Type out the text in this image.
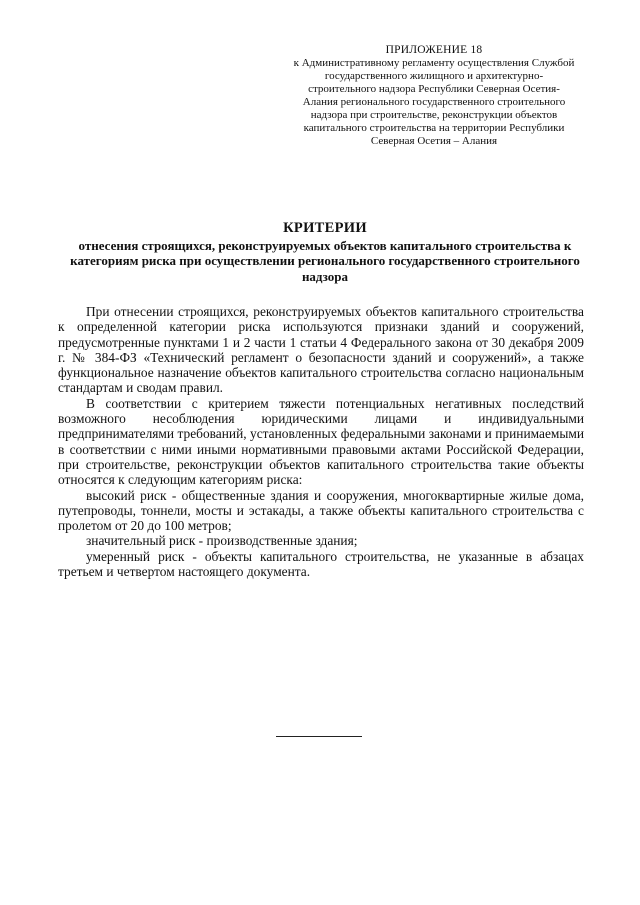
ПРИЛОЖЕНИЕ 18
к Административному регламенту осуществления Службой государственного жилищного и архитектурно-строительного надзора Республики Северная Осетия-Алания регионального государственного строительного надзора при строительстве, реконструкции объектов капитального строительства на территории Республики Северная Осетия – Алания
КРИТЕРИИ
отнесения строящихся, реконструируемых объектов капитального строительства к категориям риска при осуществлении регионального государственного строительного надзора

При отнесении строящихся, реконструируемых объектов капитального строительства к определенной категории риска используются признаки зданий и сооружений, предусмотренные пунктами 1 и 2 части 1 статьи 4 Федерального закона от 30 декабря 2009 г. № 384-ФЗ «Технический регламент о безопасности зданий и сооружений», а также функциональное назначение объектов капитального строительства согласно национальным стандартам и сводам правил.

В соответствии с критерием тяжести потенциальных негативных последствий возможного несоблюдения юридическими лицами и индивидуальными предпринимателями требований, установленных федеральными законами и принимаемыми в соответствии с ними иными нормативными правовыми актами Российской Федерации, при строительстве, реконструкции объектов капитального строительства такие объекты относятся к следующим категориям риска:

высокий риск - общественные здания и сооружения, многоквартирные жилые дома, путепроводы, тоннели, мосты и эстакады, а также объекты капитального строительства с пролетом от 20 до 100 метров;

значительный риск - производственные здания;

умеренный риск - объекты капитального строительства, не указанные в абзацах третьем и четвертом настоящего документа.
